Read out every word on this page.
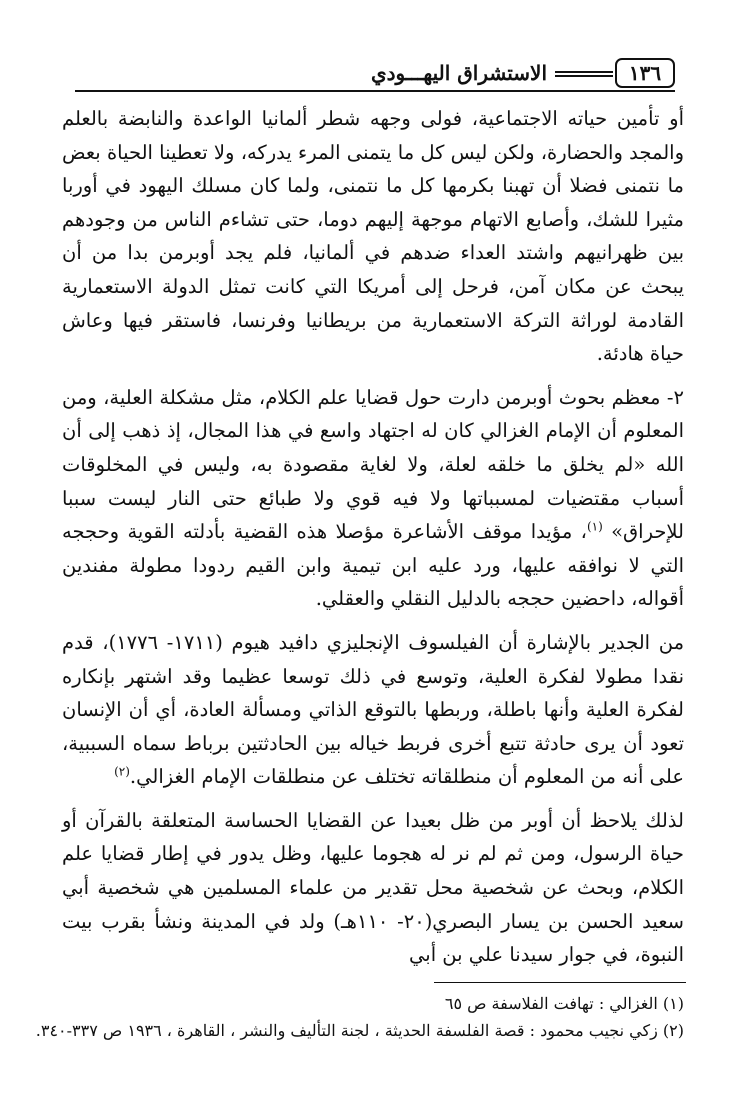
١٣٦
الاستشراق اليهـــودي

أو تأمين حياته الاجتماعية، فولى وجهه شطر ألمانيا الواعدة والنابضة بالعلم والمجد والحضارة، ولكن ليس كل ما يتمنى المرء يدركه، ولا تعطينا الحياة بعض ما نتمنى فضلا أن تهبنا بكرمها كل ما نتمنى، ولما كان مسلك اليهود في أوربا مثيرا للشك، وأصابع الاتهام موجهة إليهم دوما، حتى تشاءم الناس من وجودهم بين ظهرانيهم واشتد العداء ضدهم في ألمانيا، فلم يجد أوبرمن بدا من أن يبحث عن مكان آمن، فرحل إلى أمريكا التي كانت تمثل الدولة الاستعمارية القادمة لوراثة التركة الاستعمارية من بريطانيا وفرنسا، فاستقر فيها وعاش حياة هادئة.

٢- معظم بحوث أوبرمن دارت حول قضايا علم الكلام، مثل مشكلة العلية، ومن المعلوم أن الإمام الغزالي كان له اجتهاد واسع في هذا المجال، إذ ذهب إلى أن الله «لم يخلق ما خلقه لعلة، ولا لغاية مقصودة به، وليس في المخلوقات أسباب مقتضيات لمسبباتها ولا فيه قوي ولا طبائع حتى النار ليست سببا للإحراق» $^{(١)}$، مؤيدا موقف الأشاعرة مؤصلا هذه القضية بأدلته القوية وحججه التي لا نوافقه عليها، ورد عليه ابن تيمية وابن القيم ردودا مطولة مفندين أقواله، داحضين حججه بالدليل النقلي والعقلي.

من الجدير بالإشارة أن الفيلسوف الإنجليزي دافيد هيوم (١٧١١- ١٧٧٦)، قدم نقدا مطولا لفكرة العلية، وتوسع في ذلك توسعا عظيما وقد اشتهر بإنكاره لفكرة العلية وأنها باطلة، وربطها بالتوقع الذاتي ومسألة العادة، أي أن الإنسان تعود أن يرى حادثة تتبع أخرى فربط خياله بين الحادثتين برباط سماه السببية، على أنه من المعلوم أن منطلقاته تختلف عن منطلقات الإمام الغزالي.$^{(٢)}$

لذلك يلاحظ أن أوبر من ظل بعيدا عن القضايا الحساسة المتعلقة بالقرآن أو حياة الرسول، ومن ثم لم نر له هجوما عليها، وظل يدور في إطار قضايا علم الكلام، وبحث عن شخصية محل تقدير من علماء المسلمين هي شخصية أبي سعيد الحسن بن يسار البصري(٢٠- ١١٠هـ) ولد في المدينة ونشأ بقرب بيت النبوة، في جوار سيدنا علي بن أبي

(١) الغزالي : تهافت الفلاسفة ص ٦٥

(٢) زكي نجيب محمود : قصة الفلسفة الحديثة ، لجنة التأليف والنشر ، القاهرة ، ١٩٣٦ ص ٣٣٧-٣٤٠.
